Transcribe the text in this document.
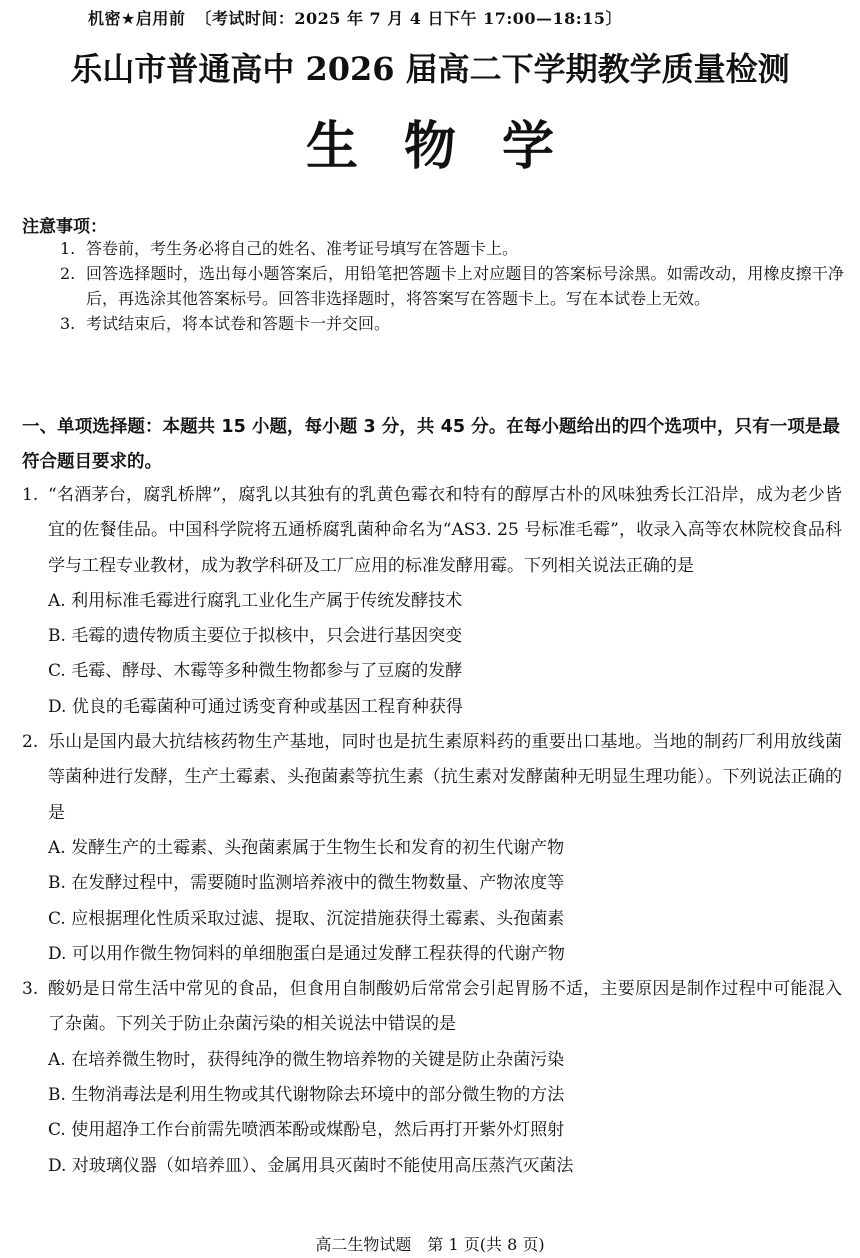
机密★启用前 〔考试时间：2025 年 7 月 4 日下午 17:00—18:15〕
乐山市普通高中 2026 届高二下学期教学质量检测
生物学
注意事项：
1. 答卷前，考生务必将自己的姓名、准考证号填写在答题卡上。
2. 回答选择题时，选出每小题答案后，用铅笔把答题卡上对应题目的答案标号涂黑。如需改动，用橡皮擦干净后，再选涂其他答案标号。回答非选择题时，将答案写在答题卡上。写在本试卷上无效。
3. 考试结束后，将本试卷和答题卡一并交回。
一、单项选择题：本题共 15 小题，每小题 3 分，共 45 分。在每小题给出的四个选项中，只有一项是最符合题目要求的。
1. “名酒茅台，腐乳桥牌”，腐乳以其独有的乳黄色霉衣和特有的醇厚古朴的风味独秀长江沿岸，成为老少皆宜的佐餐佳品。中国科学院将五通桥腐乳菌种命名为“AS3. 25 号标准毛霉”，收录入高等农林院校食品科学与工程专业教材，成为教学科研及工厂应用的标准发酵用霉。下列相关说法正确的是
A. 利用标准毛霉进行腐乳工业化生产属于传统发酵技术
B. 毛霉的遗传物质主要位于拟核中，只会进行基因突变
C. 毛霉、酵母、木霉等多种微生物都参与了豆腐的发酵
D. 优良的毛霉菌种可通过诱变育种或基因工程育种获得
2. 乐山是国内最大抗结核药物生产基地，同时也是抗生素原料药的重要出口基地。当地的制药厂利用放线菌等菌种进行发酵，生产土霉素、头孢菌素等抗生素（抗生素对发酵菌种无明显生理功能）。下列说法正确的是
A. 发酵生产的土霉素、头孢菌素属于生物生长和发育的初生代谢产物
B. 在发酵过程中，需要随时监测培养液中的微生物数量、产物浓度等
C. 应根据理化性质采取过滤、提取、沉淀措施获得土霉素、头孢菌素
D. 可以用作微生物饲料的单细胞蛋白是通过发酵工程获得的代谢产物
3. 酸奶是日常生活中常见的食品，但食用自制酸奶后常常会引起胃肠不适，主要原因是制作过程中可能混入了杂菌。下列关于防止杂菌污染的相关说法中错误的是
A. 在培养微生物时，获得纯净的微生物培养物的关键是防止杂菌污染
B. 生物消毒法是利用生物或其代谢物除去环境中的部分微生物的方法
C. 使用超净工作台前需先喷洒苯酚或煤酚皂，然后再打开紫外灯照射
D. 对玻璃仪器（如培养皿）、金属用具灭菌时不能使用高压蒸汽灭菌法
高二生物试题　第 1 页(共 8 页)
